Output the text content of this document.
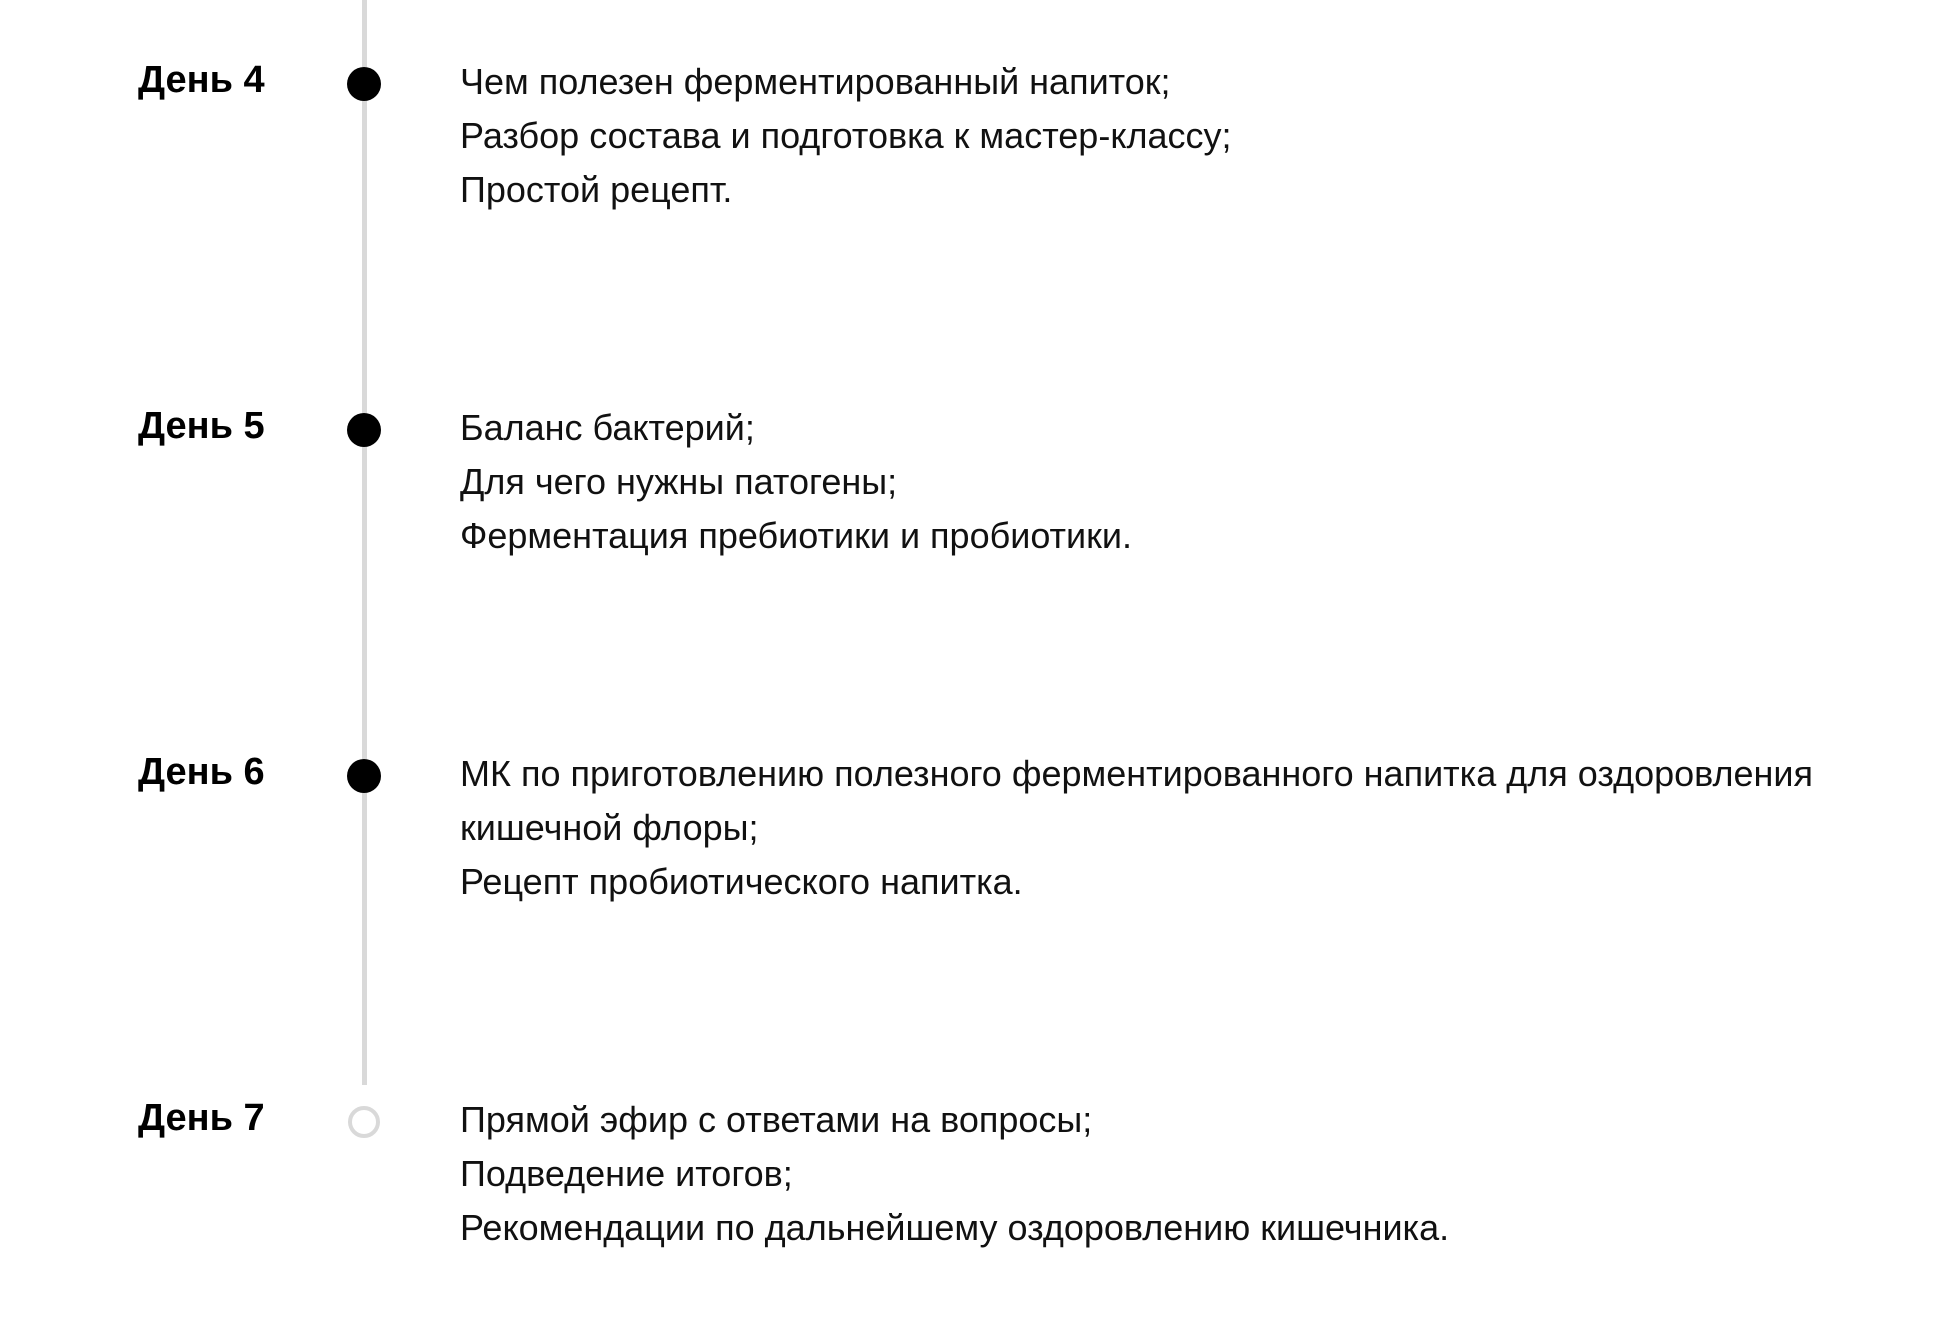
День 4	Чем полезен ферментированный напиток;
Разбор состава и подготовка к мастер-классу;
Простой рецепт.
День 5	Баланс бактерий;
Для чего нужны патогены;
Ферментация пребиотики и пробиотики.
День 6	МК по приготовлению полезного ферментированного напитка для оздоровления кишечной флоры;
Рецепт пробиотического напитка.
День 7	Прямой эфир с ответами на вопросы;
Подведение итогов;
Рекомендации по дальнейшему оздоровлению кишечника.
